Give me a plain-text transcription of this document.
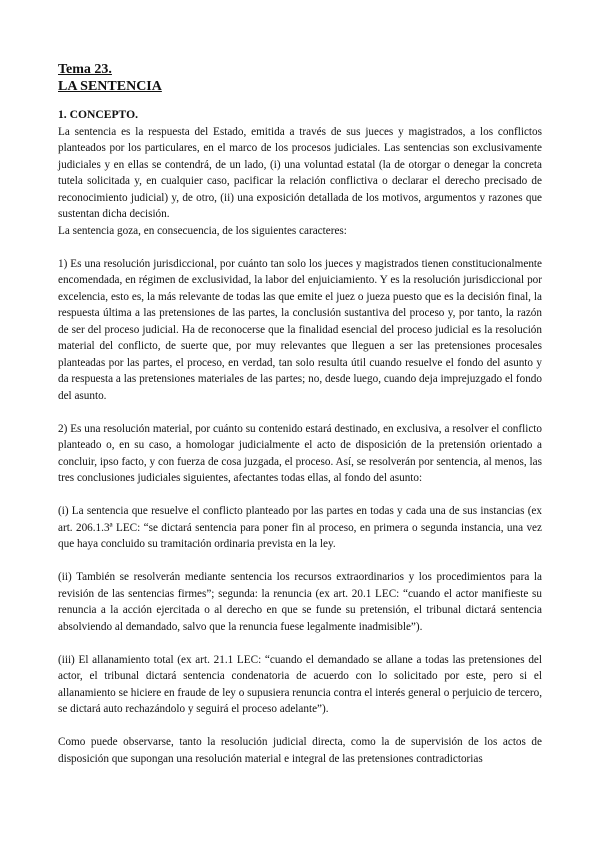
Tema 23.
LA SENTENCIA
1. CONCEPTO.

La sentencia es la respuesta del Estado, emitida a través de sus jueces y magistrados, a los conflictos planteados por los particulares, en el marco de los procesos judiciales. Las sentencias son exclusivamente judiciales y en ellas se contendrá, de un lado, (i) una voluntad estatal (la de otorgar o denegar la concreta tutela solicitada y, en cualquier caso, pacificar la relación conflictiva o declarar el derecho precisado de reconocimiento judicial) y, de otro, (ii) una exposición detallada de los motivos, argumentos y razones que sustentan dicha decisión.

La sentencia goza, en consecuencia, de los siguientes caracteres:

1) Es una resolución jurisdiccional, por cuánto tan solo los jueces y magistrados tienen constitucionalmente encomendada, en régimen de exclusividad, la labor del enjuiciamiento. Y es la resolución jurisdiccional por excelencia, esto es, la más relevante de todas las que emite el juez o jueza puesto que es la decisión final, la respuesta última a las pretensiones de las partes, la conclusión sustantiva del proceso y, por tanto, la razón de ser del proceso judicial. Ha de reconocerse que la finalidad esencial del proceso judicial es la resolución material del conflicto, de suerte que, por muy relevantes que lleguen a ser las pretensiones procesales planteadas por las partes, el proceso, en verdad, tan solo resulta útil cuando resuelve el fondo del asunto y da respuesta a las pretensiones materiales de las partes; no, desde luego, cuando deja imprejuzgado el fondo del asunto.

2) Es una resolución material, por cuánto su contenido estará destinado, en exclusiva, a resolver el conflicto planteado o, en su caso, a homologar judicialmente el acto de disposición de la pretensión orientado a concluir, ipso facto, y con fuerza de cosa juzgada, el proceso. Así, se resolverán por sentencia, al menos, las tres conclusiones judiciales siguientes, afectantes todas ellas, al fondo del asunto:

(i) La sentencia que resuelve el conflicto planteado por las partes en todas y cada una de sus instancias (ex art. 206.1.3ª LEC: “se dictará sentencia para poner fin al proceso, en primera o segunda instancia, una vez que haya concluido su tramitación ordinaria prevista en la ley.

(ii) También se resolverán mediante sentencia los recursos extraordinarios y los procedimientos para la revisión de las sentencias firmes”; segunda: la renuncia (ex art. 20.1 LEC: “cuando el actor manifieste su renuncia a la acción ejercitada o al derecho en que se funde su pretensión, el tribunal dictará sentencia absolviendo al demandado, salvo que la renuncia fuese legalmente inadmisible”).

(iii) El allanamiento total (ex art. 21.1 LEC: “cuando el demandado se allane a todas las pretensiones del actor, el tribunal dictará sentencia condenatoria de acuerdo con lo solicitado por este, pero si el allanamiento se hiciere en fraude de ley o supusiera renuncia contra el interés general o perjuicio de tercero, se dictará auto rechazándolo y seguirá el proceso adelante”).

Como puede observarse, tanto la resolución judicial directa, como la de supervisión de los actos de disposición que supongan una resolución material e integral de las pretensiones contradictorias
